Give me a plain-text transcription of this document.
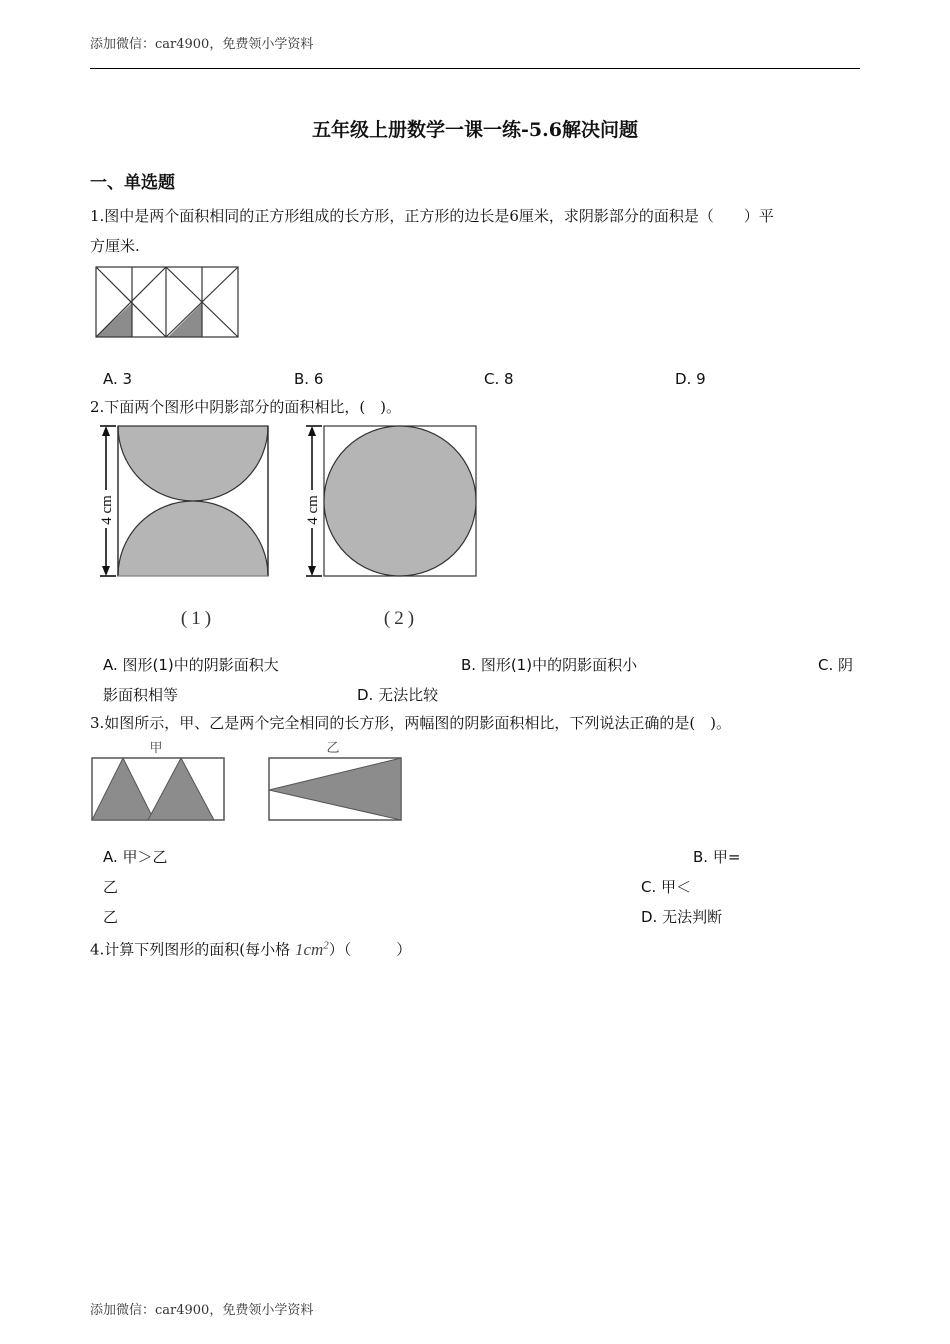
添加微信：car4900，免费领小学资料
五年级上册数学一课一练-5.6解决问题
一、单选题
1.图中是两个面积相同的正方形组成的长方形，正方形的边长是6厘米，求阴影部分的面积是（　　）平
方厘米.
A. 3	B. 6	C. 8	D. 9
2.下面两个图形中阴影部分的面积相比，(　)。
4 cm
(1)
4 cm
(2)
A. 图形(1)中的阴影面积大	B. 图形(1)中的阴影面积小	C. 阴
影面积相等	D. 无法比较
3.如图所示，甲、乙是两个完全相同的长方形，两幅图的阴影面积相比，下列说法正确的是(　)。
甲	乙
A. 甲＞乙	B. 甲=
乙	C. 甲＜
乙	D. 无法判断
4.计算下列图形的面积(每小格 $1cm^2$）（　　　）
添加微信：car4900，免费领小学资料
